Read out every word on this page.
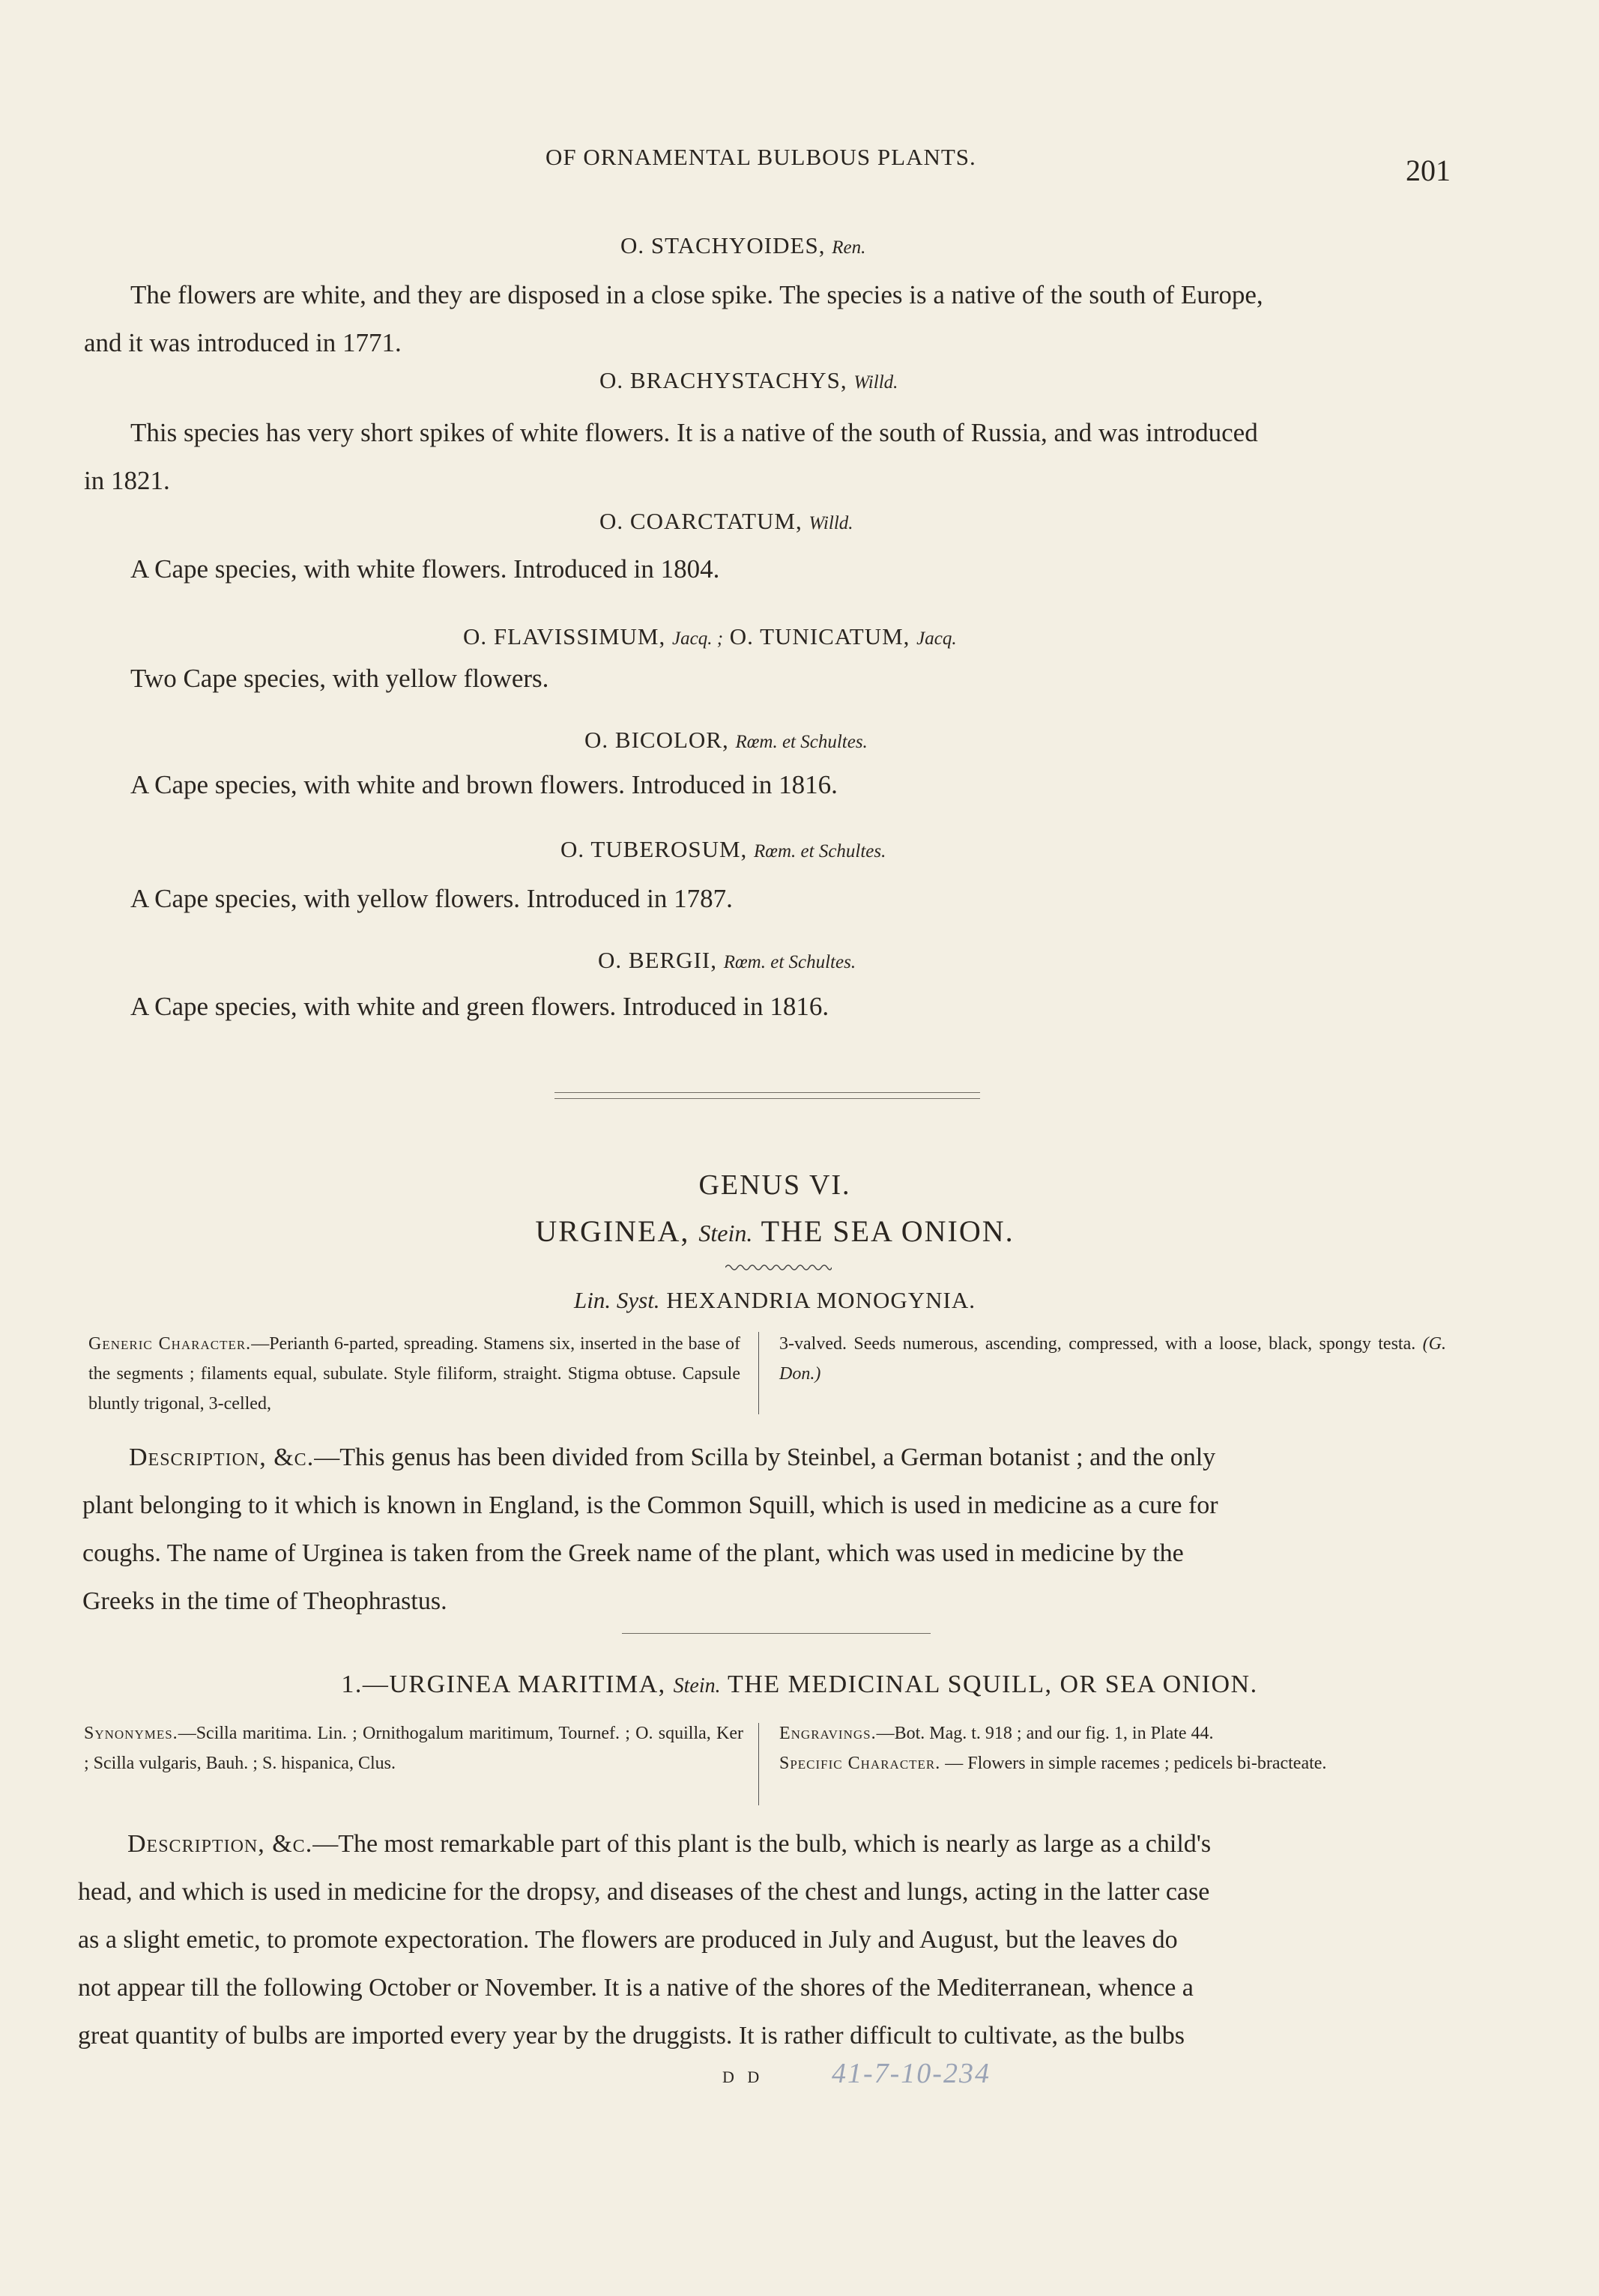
OF ORNAMENTAL BULBOUS PLANTS.	201
O. STACHYOIDES, Ren.
The flowers are white, and they are disposed in a close spike. The species is a native of the south of Europe,
and it was introduced in 1771.
O. BRACHYSTACHYS, Willd.
This species has very short spikes of white flowers. It is a native of the south of Russia, and was introduced
in 1821.
O. COARCTATUM, Willd.
A Cape species, with white flowers. Introduced in 1804.
O. FLAVISSIMUM, Jacq. ; O. TUNICATUM, Jacq.
Two Cape species, with yellow flowers.
O. BICOLOR, Rœm. et Schultes.
A Cape species, with white and brown flowers. Introduced in 1816.
O. TUBEROSUM, Rœm. et Schultes.
A Cape species, with yellow flowers. Introduced in 1787.
O. BERGII, Rœm. et Schultes.
A Cape species, with white and green flowers. Introduced in 1816.
GENUS VI.
URGINEA, Stein. THE SEA ONION.
Lin. Syst. HEXANDRIA MONOGYNIA.
Generic Character.—Perianth 6-parted, spreading. Stamens six, inserted in the base of the segments ; filaments equal, subulate. Style filiform, straight. Stigma obtuse. Capsule bluntly trigonal, 3-celled,
3-valved. Seeds numerous, ascending, compressed, with a loose, black, spongy testa. (G. Don.)
Description, &c.—This genus has been divided from Scilla by Steinbel, a German botanist ; and the only
plant belonging to it which is known in England, is the Common Squill, which is used in medicine as a cure for
coughs. The name of Urginea is taken from the Greek name of the plant, which was used in medicine by the
Greeks in the time of Theophrastus.
1.—URGINEA MARITIMA, Stein. THE MEDICINAL SQUILL, OR SEA ONION.
Synonymes.—Scilla maritima. Lin. ; Ornithogalum maritimum, Tournef. ; O. squilla, Ker ; Scilla vulgaris, Bauh. ; S. hispanica, Clus.
Engravings.—Bot. Mag. t. 918 ; and our fig. 1, in Plate 44.
Specific Character. — Flowers in simple racemes ; pedicels bi-bracteate.
Description, &c.—The most remarkable part of this plant is the bulb, which is nearly as large as a child's
head, and which is used in medicine for the dropsy, and diseases of the chest and lungs, acting in the latter case
as a slight emetic, to promote expectoration. The flowers are produced in July and August, but the leaves do
not appear till the following October or November. It is a native of the shores of the Mediterranean, whence a
great quantity of bulbs are imported every year by the druggists. It is rather difficult to cultivate, as the bulbs
D D 41-7-10-234
